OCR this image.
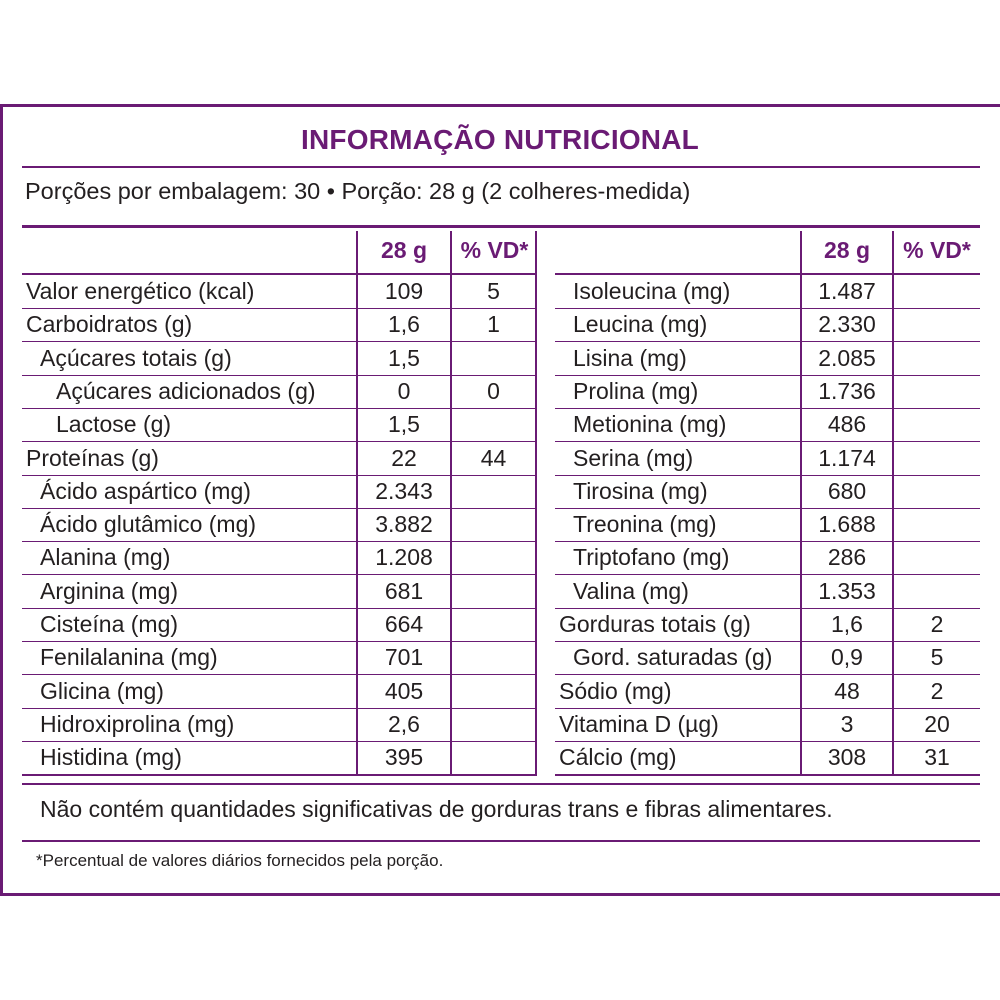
INFORMAÇÃO NUTRICIONAL
Porções por embalagem: 30 • Porção: 28 g (2 colheres-medida)
28 g	% VD*
Valor energético (kcal)	109	5
Carboidratos (g)	1,6	1
Açúcares totais (g)	1,5
Açúcares adicionados (g)	0	0
Lactose (g)	1,5
Proteínas (g)	22	44
Ácido aspártico (mg)	2.343
Ácido glutâmico (mg)	3.882
Alanina (mg)	1.208
Arginina (mg)	681
Cisteína (mg)	664
Fenilalanina (mg)	701
Glicina (mg)	405
Hidroxiprolina (mg)	2,6
Histidina (mg)	395
28 g	% VD*
Isoleucina (mg)	1.487
Leucina (mg)	2.330
Lisina (mg)	2.085
Prolina (mg)	1.736
Metionina (mg)	486
Serina (mg)	1.174
Tirosina (mg)	680
Treonina (mg)	1.688
Triptofano (mg)	286
Valina (mg)	1.353
Gorduras totais (g)	1,6	2
Gord. saturadas (g)	0,9	5
Sódio (mg)	48	2
Vitamina D (µg)	3	20
Cálcio (mg)	308	31
Não contém quantidades significativas de gorduras trans e fibras alimentares.
*Percentual de valores diários fornecidos pela porção.
